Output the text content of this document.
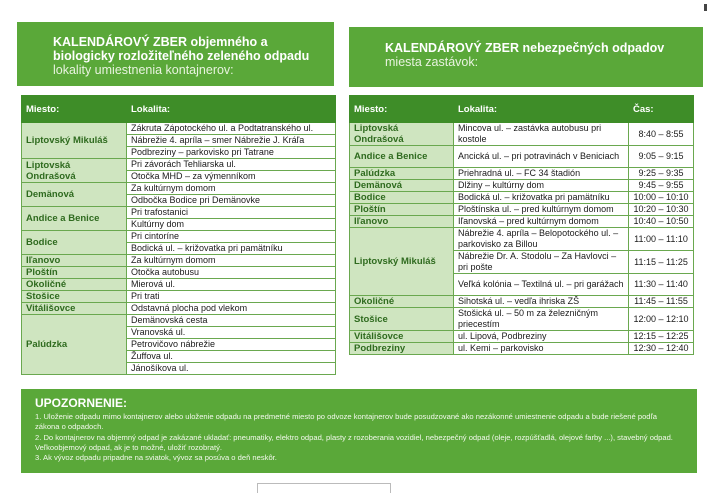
KALENDÁROVÝ ZBER objemného a
biologicky rozložiteľného zeleného odpadu
lokality umiestnenia kontajnerov:
KALENDÁROVÝ ZBER nebezpečných odpadov
miesta zastávok:
Miesto:	Lokalita:
Liptovský Mikuláš	Zákruta Zápotockého ul. a Podtatranského ul.
	Nábrežie 4. apríla – smer Nábrežie J. Kráľa
	Podbreziny – parkovisko pri Tatrane
Liptovská Ondrašová	Pri závorách Tehliarska ul.
	Otočka MHD – za výmenníkom
Demänová	Za kultúrnym domom
	Odbočka Bodice pri Demänovke
Andice a Benice	Pri trafostanici
	Kultúrny dom
Bodice	Pri cintoríne
	Bodická ul. – križovatka pri pamätníku
Iľanovo	Za kultúrnym domom
Ploštín	Otočka autobusu
Okoličné	Mierová ul.
Stošice	Pri trati
Vitálišovce	Odstavná plocha pod vlekom
Palúdzka	Demänovská cesta
	Vranovská ul.
	Petrovičovo nábrežie
	Žuffova ul.
	Jánošíkova ul.
Miesto:	Lokalita:	Čas:
Liptovská Ondrašová	Mincova ul. – zastávka autobusu pri kostole	8:40 – 8:55
Andice a Benice	Ancická ul. – pri potravinách v Beniciach	9:05 – 9:15
Palúdzka	Priehradná ul. – FC 34 štadión	9:25 – 9:35
Demänová	Dlžiny – kultúrny dom	9:45 – 9:55
Bodice	Bodická ul. – križovatka pri pamätníku	10:00 – 10:10
Ploštín	Ploštínska ul. – pred kultúrnym domom	10:20 – 10:30
Iľanovo	Iľanovská – pred kultúrnym domom	10:40 – 10:50
Liptovský Mikuláš	Nábrežie 4. apríla – Belopotockého ul. – parkovisko za Billou	11:00 – 11:10
	Nábrežie Dr. A. Stodolu – Za Havlovci – pri pošte	11:15 – 11:25
	Veľká kolónia – Textilná ul. – pri garážach	11:30 – 11:40
Okoličné	Sihotská ul. – vedľa ihriska ZŠ	11:45 – 11:55
Stošice	Stošická ul. – 50 m za železničným priecestím	12:00 – 12:10
Vitálišovce	ul. Lipová, Podbreziny	12:15 – 12:25
Podbreziny	ul. Kemi – parkovisko	12:30 – 12:40
UPOZORNENIE:
1. Uloženie odpadu mimo kontajnerov alebo uloženie odpadu na predmetné miesto po odvoze kontajnerov bude posudzované ako nezákonné umiestnenie odpadu a bude riešené podľa zákona o odpadoch.
2. Do kontajnerov na objemný odpad je zakázané ukladať: pneumatiky, elektro odpad, plasty z rozoberania vozidiel, nebezpečný odpad (oleje, rozpúšťadlá, olejové farby ...), stavebný odpad. Veľkoobjemový odpad, ak je to možné, uložiť rozobratý.
3. Ak vývoz odpadu pripadne na sviatok, vývoz sa posúva o deň neskôr.
